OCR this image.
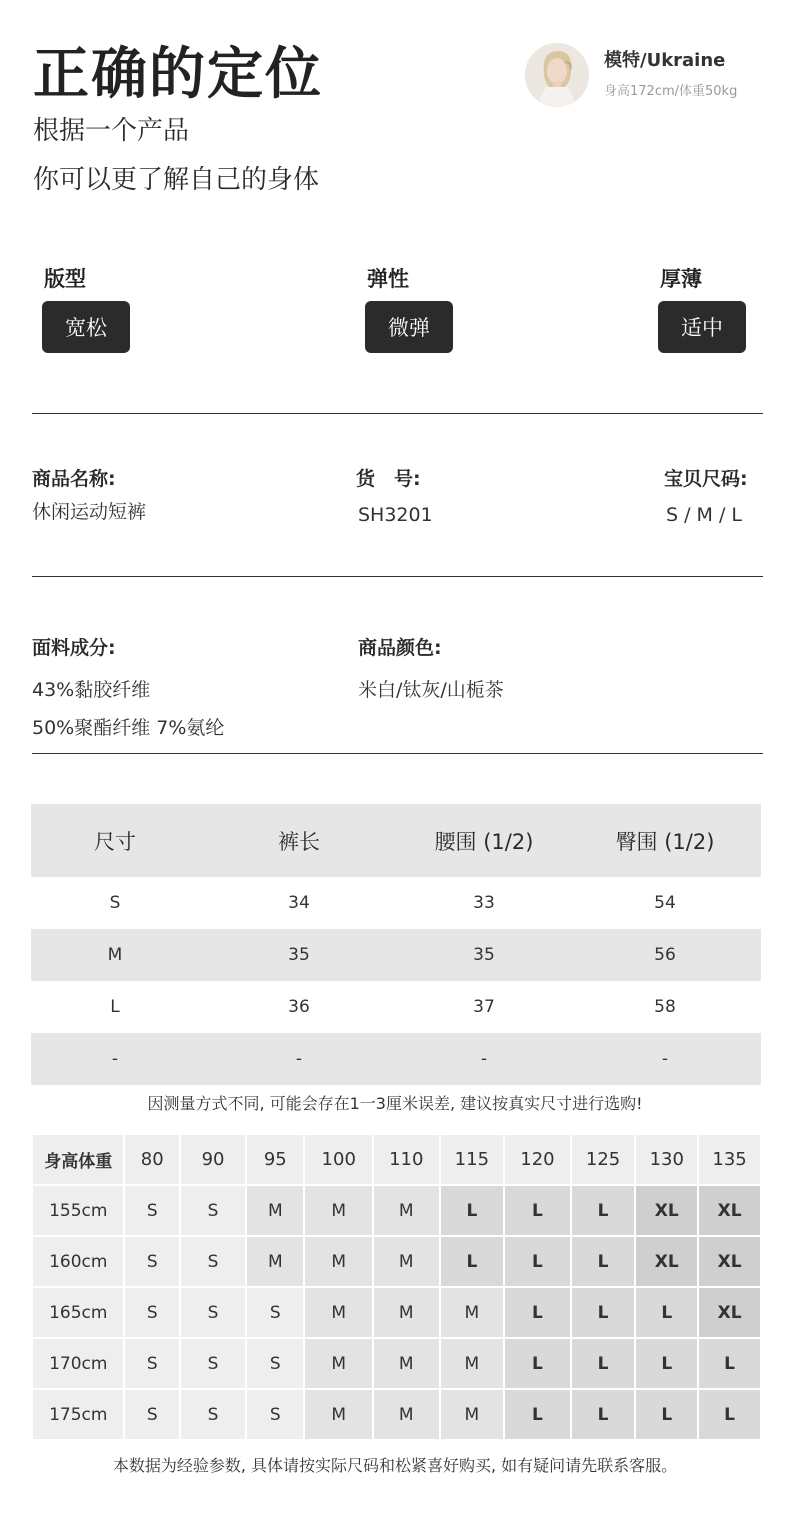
正确的定位
根据一个产品
你可以更了解自己的身体
模特/Ukraine
身高172cm/体重50kg
版型
宽松
弹性
微弹
厚薄
适中
商品名称:
休闲运动短裤
货　号:
SH3201
宝贝尺码:
S / M / L
面料成分:
43%黏胶纤维
50%聚酯纤维 7%氨纶
商品颜色:
米白/钛灰/山栀茶
尺寸	裤长	腰围 (1/2)	臀围 (1/2)
S	34	33	54
M	35	35	56
L	36	37	58
-	-	-	-
因测量方式不同, 可能会存在1一3厘米误差, 建议按真实尺寸进行选购!
身高体重	80	90	95	100	110	115	120	125	130	135
155cm	S	S	M	M	M	L	L	L	XL	XL
160cm	S	S	M	M	M	L	L	L	XL	XL
165cm	S	S	S	M	M	M	L	L	L	XL
170cm	S	S	S	M	M	M	L	L	L	L
175cm	S	S	S	M	M	M	L	L	L	L
本数据为经验参数, 具体请按实际尺码和松紧喜好购买, 如有疑问请先联系客服。
